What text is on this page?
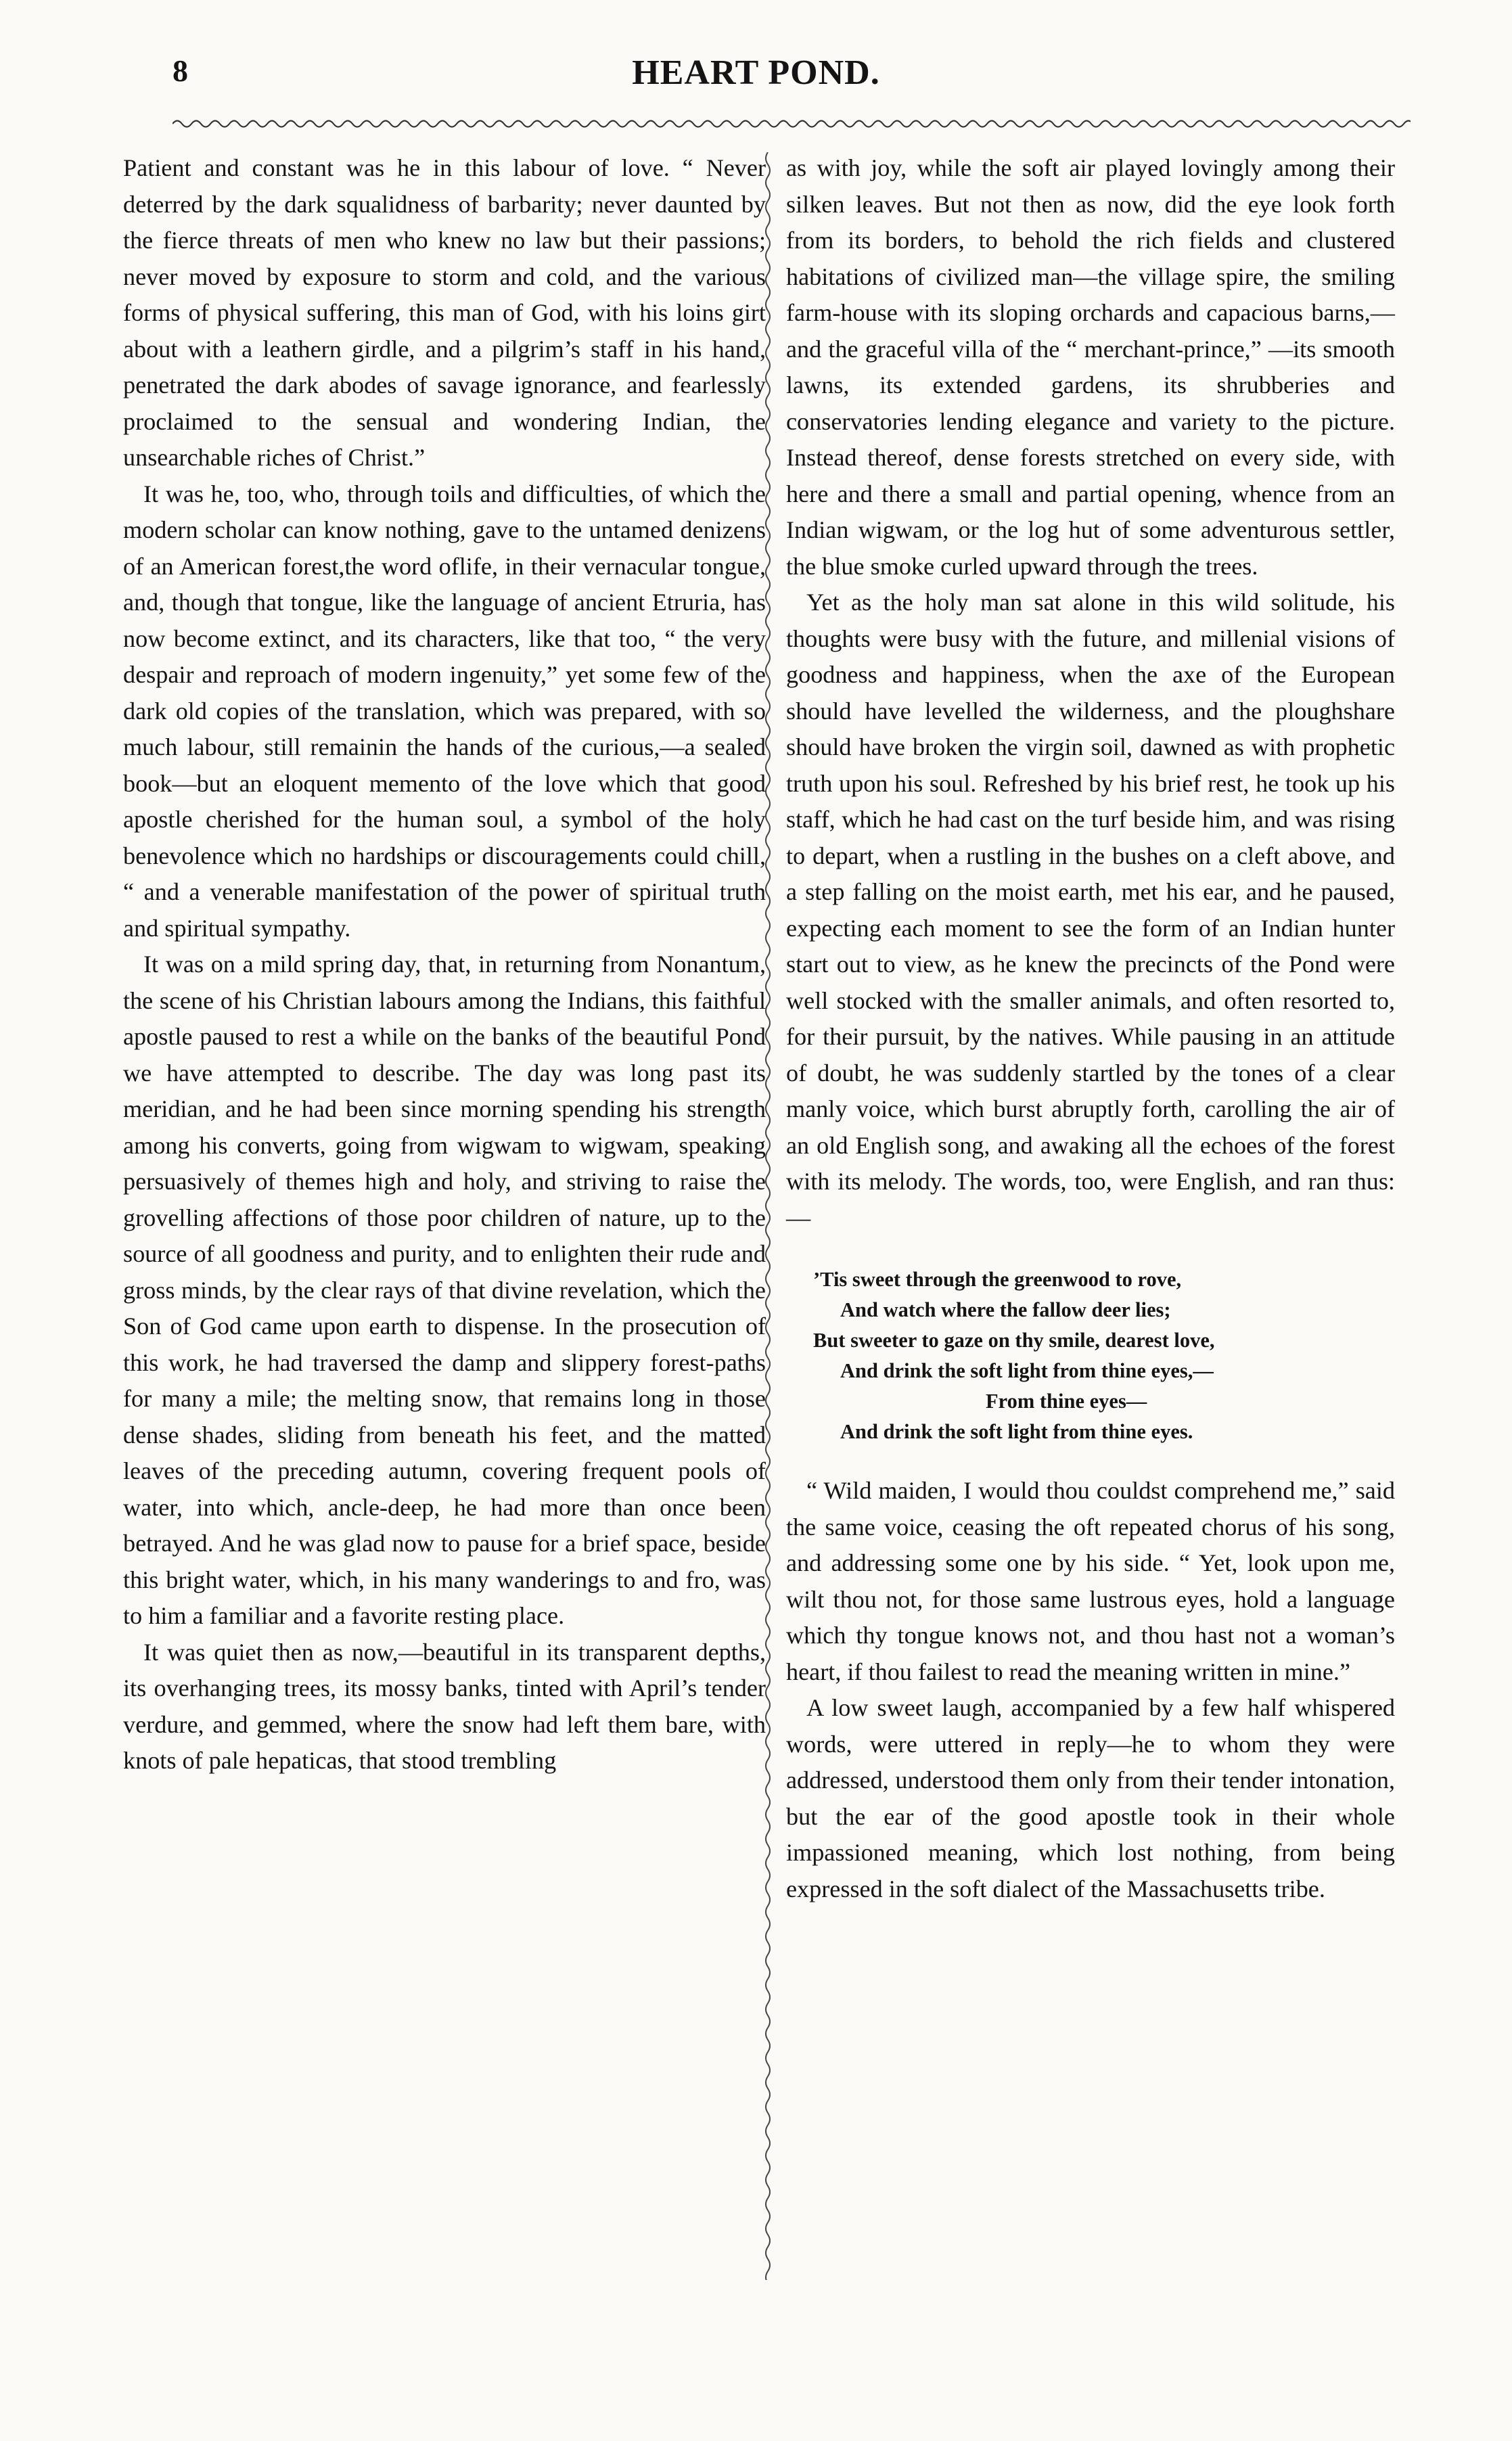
8	HEART POND.

Patient and constant was he in this labour of love. “ Never deterred by the dark squalidness of barbarity; never daunted by the fierce threats of men who knew no law but their passions; never moved by exposure to storm and cold, and the various forms of physical suffering, this man of God, with his loins girt about with a leathern girdle, and a pilgrim’s staff in his hand, penetrated the dark abodes of savage ignorance, and fearlessly proclaimed to the sensual and wondering Indian, the unsearchable riches of Christ.”

It was he, too, who, through toils and difficulties, of which the modern scholar can know nothing, gave to the untamed denizens of an American forest,the word oflife, in their vernacular tongue, and, though that tongue, like the language of ancient Etruria, has now become extinct, and its characters, like that too, “ the very despair and reproach of modern ingenuity,” yet some few of the dark old copies of the translation, which was prepared, with so much labour, still remainin the hands of the curious,—a sealed book—but an eloquent memento of the love which that good apostle cherished for the human soul, a symbol of the holy benevolence which no hardships or discouragements could chill, “ and a venerable manifestation of the power of spiritual truth and spiritual sympathy.

It was on a mild spring day, that, in returning from Nonantum, the scene of his Christian labours among the Indians, this faithful apostle paused to rest a while on the banks of the beautiful Pond we have attempted to describe. The day was long past its meridian, and he had been since morning spending his strength among his converts, going from wigwam to wigwam, speaking persuasively of themes high and holy, and striving to raise the grovelling affections of those poor children of nature, up to the source of all goodness and purity, and to enlighten their rude and gross minds, by the clear rays of that divine revelation, which the Son of God came upon earth to dispense. In the prosecution of this work, he had traversed the damp and slippery forest-paths for many a mile; the melting snow, that remains long in those dense shades, sliding from beneath his feet, and the matted leaves of the preceding autumn, covering frequent pools of water, into which, ancle-deep, he had more than once been betrayed. And he was glad now to pause for a brief space, beside this bright water, which, in his many wanderings to and fro, was to him a familiar and a favorite resting place.

It was quiet then as now,—beautiful in its transparent depths, its overhanging trees, its mossy banks, tinted with April’s tender verdure, and gemmed, where the snow had left them bare, with knots of pale hepaticas, that stood trembling

as with joy, while the soft air played lovingly among their silken leaves. But not then as now, did the eye look forth from its borders, to behold the rich fields and clustered habitations of civilized man—the village spire, the smiling farm-house with its sloping orchards and capacious barns,—and the graceful villa of the “ merchant-prince,” —its smooth lawns, its extended gardens, its shrubberies and conservatories lending elegance and variety to the picture. Instead thereof, dense forests stretched on every side, with here and there a small and partial opening, whence from an Indian wigwam, or the log hut of some adventurous settler, the blue smoke curled upward through the trees.

Yet as the holy man sat alone in this wild solitude, his thoughts were busy with the future, and millenial visions of goodness and happiness, when the axe of the European should have levelled the wilderness, and the ploughshare should have broken the virgin soil, dawned as with prophetic truth upon his soul. Refreshed by his brief rest, he took up his staff, which he had cast on the turf beside him, and was rising to depart, when a rustling in the bushes on a cleft above, and a step falling on the moist earth, met his ear, and he paused, expecting each moment to see the form of an Indian hunter start out to view, as he knew the precincts of the Pond were well stocked with the smaller animals, and often resorted to, for their pursuit, by the natives. While pausing in an attitude of doubt, he was suddenly startled by the tones of a clear manly voice, which burst abruptly forth, carolling the air of an old English song, and awaking all the echoes of the forest with its melody. The words, too, were English, and ran thus:—

’Tis sweet through the greenwood to rove,
And watch where the fallow deer lies;
But sweeter to gaze on thy smile, dearest love,
And drink the soft light from thine eyes,—
From thine eyes—
And drink the soft light from thine eyes.

“ Wild maiden, I would thou couldst comprehend me,” said the same voice, ceasing the oft repeated chorus of his song, and addressing some one by his side. “ Yet, look upon me, wilt thou not, for those same lustrous eyes, hold a language which thy tongue knows not, and thou hast not a woman’s heart, if thou failest to read the meaning written in mine.”

A low sweet laugh, accompanied by a few half whispered words, were uttered in reply—he to whom they were addressed, understood them only from their tender intonation, but the ear of the good apostle took in their whole impassioned meaning, which lost nothing, from being expressed in the soft dialect of the Massachusetts tribe.
